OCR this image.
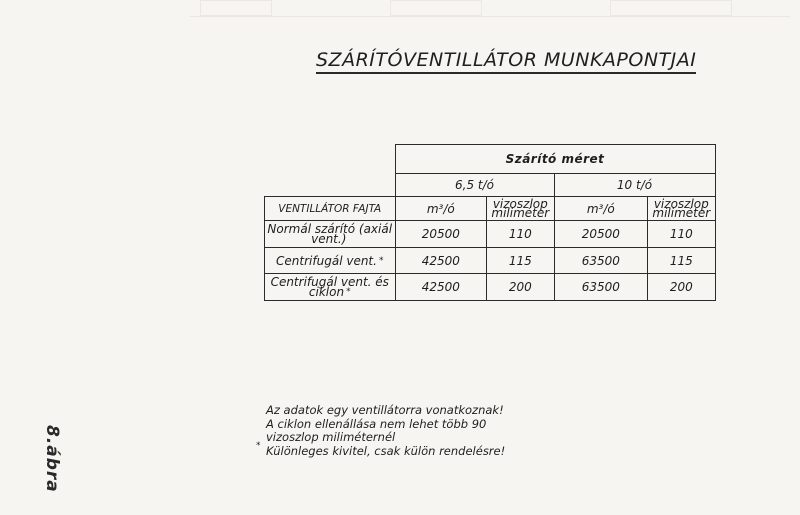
SZÁRÍTÓVENTILLÁTOR MUNKAPONTJAI
	Szárító méret			
	6,5 t/ó		10 t/ó	
VENTILLÁTOR FAJTA	m³/ó	vizoszlop miliméter	m³/ó	vizoszlop miliméter
Normál szárító (axiál vent.)	20500	110	20500	110
Centrifugál vent. *	42500	115	63500	115
Centrifugál vent. és ciklon *	42500	200	63500	200
8.ábra	*
Az adatok egy ventillátorra vonatkoznak!
A ciklon ellenállása nem lehet több 90
vizoszlop miliméternél
Különleges kivitel, csak külön rendelésre!
